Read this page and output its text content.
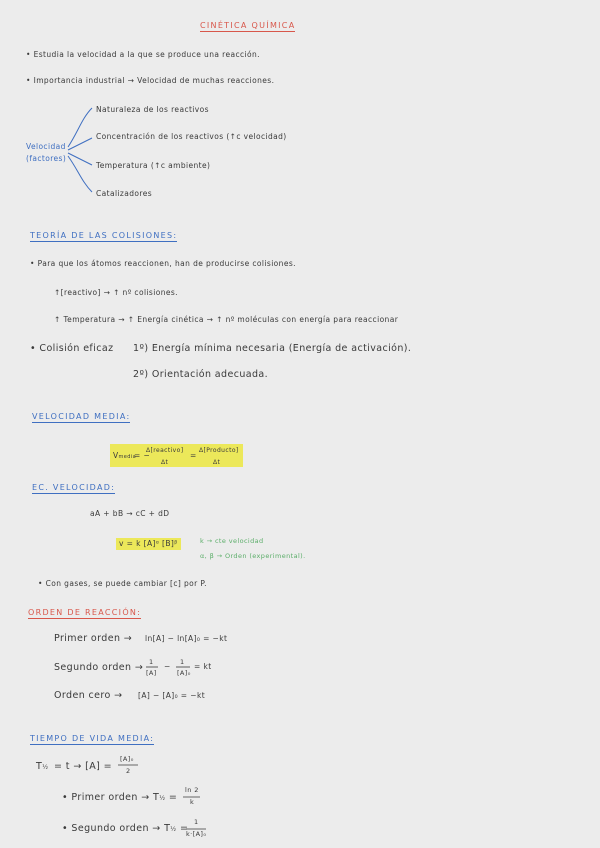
CINÉTICA QUÍMICA
• Estudia la velocidad a la que se produce una reacción.
• Importancia industrial → Velocidad de muchas reacciones.
Velocidad
(factores)
Naturaleza de los reactivos
Concentración de los reactivos (↑c velocidad)
Temperatura (↑c ambiente)
Catalizadores
TEORÍA DE LAS COLISIONES:
• Para que los átomos reaccionen, han de producirse colisiones.
↑[reactivo] → ↑ nº colisiones.
↑ Temperatura → ↑ Energía cinética → ↑ nº moléculas con energía para reaccionar
• Colisión eficaz 1º) Energía mínima necesaria (Energía de activación).
2º) Orientación adecuada.
VELOCIDAD MEDIA:
Vmedia
= −
Δ[reactivo]
Δt
=
Δ[Producto]
Δt
EC. VELOCIDAD:
aA + bB → cC + dD
v = k [A]ᵅ [B]ᵝ	k → cte velocidad
α, β → Orden (experimental).
• Con gases, se puede cambiar [c] por P.
ORDEN DE REACCIÓN:
Primer orden → ln[A] − ln[A]₀ = −kt
Segundo orden → 1
[A]
− 1
[A]₀
= kt
Orden cero → [A] − [A]₀ = −kt
TIEMPO DE VIDA MEDIA:
T½ = t → [A] =
[A]₀
2
• Primer orden → T½ =
ln 2
k
• Segundo orden → T½ =
1
k·[A]₀
